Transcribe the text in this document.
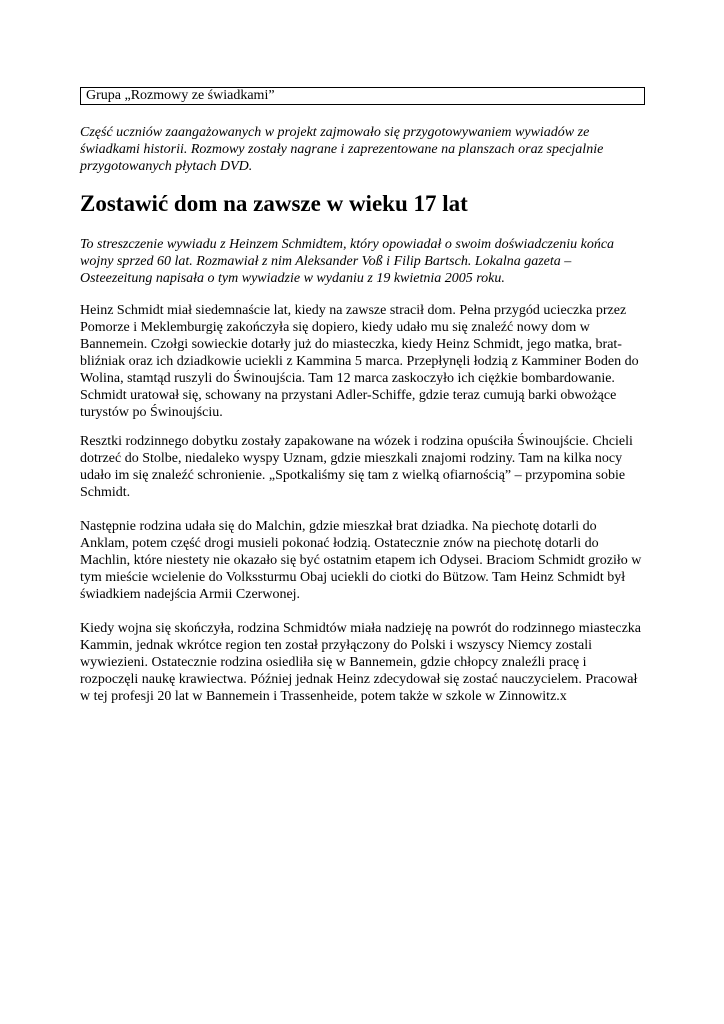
Grupa „Rozmowy ze świadkami”

Część uczniów zaangażowanych w projekt zajmowało się przygotowywaniem wywiadów ze świadkami historii. Rozmowy zostały nagrane i zaprezentowane na planszach oraz specjalnie przygotowanych płytach DVD.

Zostawić dom na zawsze w wieku 17 lat

To streszczenie wywiadu z Heinzem Schmidtem, który opowiadał o swoim doświadczeniu końca wojny sprzed 60 lat. Rozmawiał z nim Aleksander Voß i Filip Bartsch. Lokalna gazeta – Osteezeitung napisała o tym wywiadzie w wydaniu z 19 kwietnia 2005 roku.

Heinz Schmidt miał siedemnaście lat, kiedy na zawsze stracił dom. Pełna przygód ucieczka przez Pomorze i Meklemburgię zakończyła się dopiero, kiedy udało mu się znaleźć nowy dom w Bannemein. Czołgi sowieckie dotarły już do miasteczka, kiedy Heinz Schmidt, jego matka, brat-bliźniak oraz ich dziadkowie uciekli z Kammina 5 marca. Przepłynęli łodzią z Kamminer Boden do Wolina, stamtąd ruszyli do Świnoujścia. Tam 12 marca zaskoczyło ich ciężkie bombardowanie. Schmidt uratował się, schowany na przystani Adler-Schiffe, gdzie teraz cumują barki obwożące turystów po Świnoujściu.

Resztki rodzinnego dobytku zostały zapakowane na wózek i rodzina opuściła Świnoujście. Chcieli dotrzeć do Stolbe, niedaleko wyspy Uznam, gdzie mieszkali znajomi rodziny. Tam na kilka nocy udało im się znaleźć schronienie. „Spotkaliśmy się tam z wielką ofiarnością” – przypomina sobie Schmidt.

Następnie rodzina udała się do Malchin, gdzie mieszkał brat dziadka. Na piechotę dotarli do Anklam, potem część drogi musieli pokonać łodzią. Ostatecznie znów na piechotę dotarli do Machlin, które niestety nie okazało się być ostatnim etapem ich Odysei. Braciom Schmidt groziło w tym mieście wcielenie do Volkssturmu Obaj uciekli do ciotki do Bützow. Tam Heinz Schmidt był świadkiem nadejścia Armii Czerwonej.

Kiedy wojna się skończyła, rodzina Schmidtów miała nadzieję na powrót do rodzinnego miasteczka Kammin, jednak wkrótce region ten został przyłączony do Polski i wszyscy Niemcy zostali wywiezieni. Ostatecznie rodzina osiedliła się w Bannemein, gdzie chłopcy znaleźli pracę i rozpoczęli naukę krawiectwa. Później jednak Heinz zdecydował się zostać nauczycielem. Pracował w tej profesji 20 lat w Bannemein i Trassenheide, potem także w szkole w Zinnowitz.x
